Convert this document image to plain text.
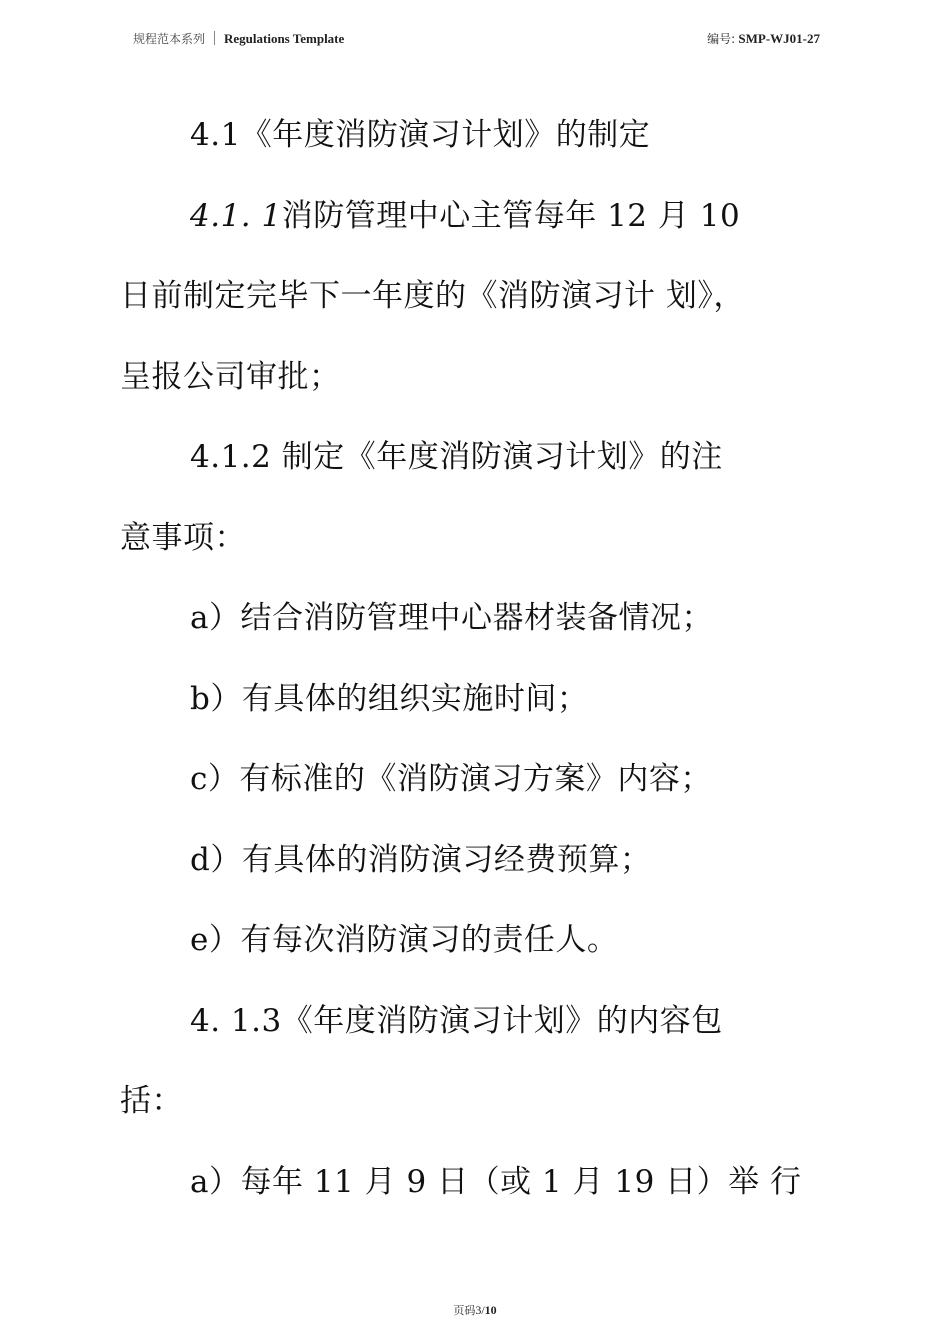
规程范本系列 Regulations Template	编号: SMP-WJ01-27
4.1《年度消防演习计划》的制定
4.1. 1消防管理中心主管每年 12 月 10
日前制定完毕下一年度的《消防演习计 划》，
呈报公司审批；
4.1.2 制定《年度消防演习计划》的注
意事项：
a）结合消防管理中心器材装备情况；
b）有具体的组织实施时间；
c）有标准的《消防演习方案》内容；
d）有具体的消防演习经费预算；
e）有每次消防演习的责任人。
4. 1.3《年度消防演习计划》的内容包
括：
a）每年 11 月 9 日（或 1 月 19 日）举 行
页码3/10
